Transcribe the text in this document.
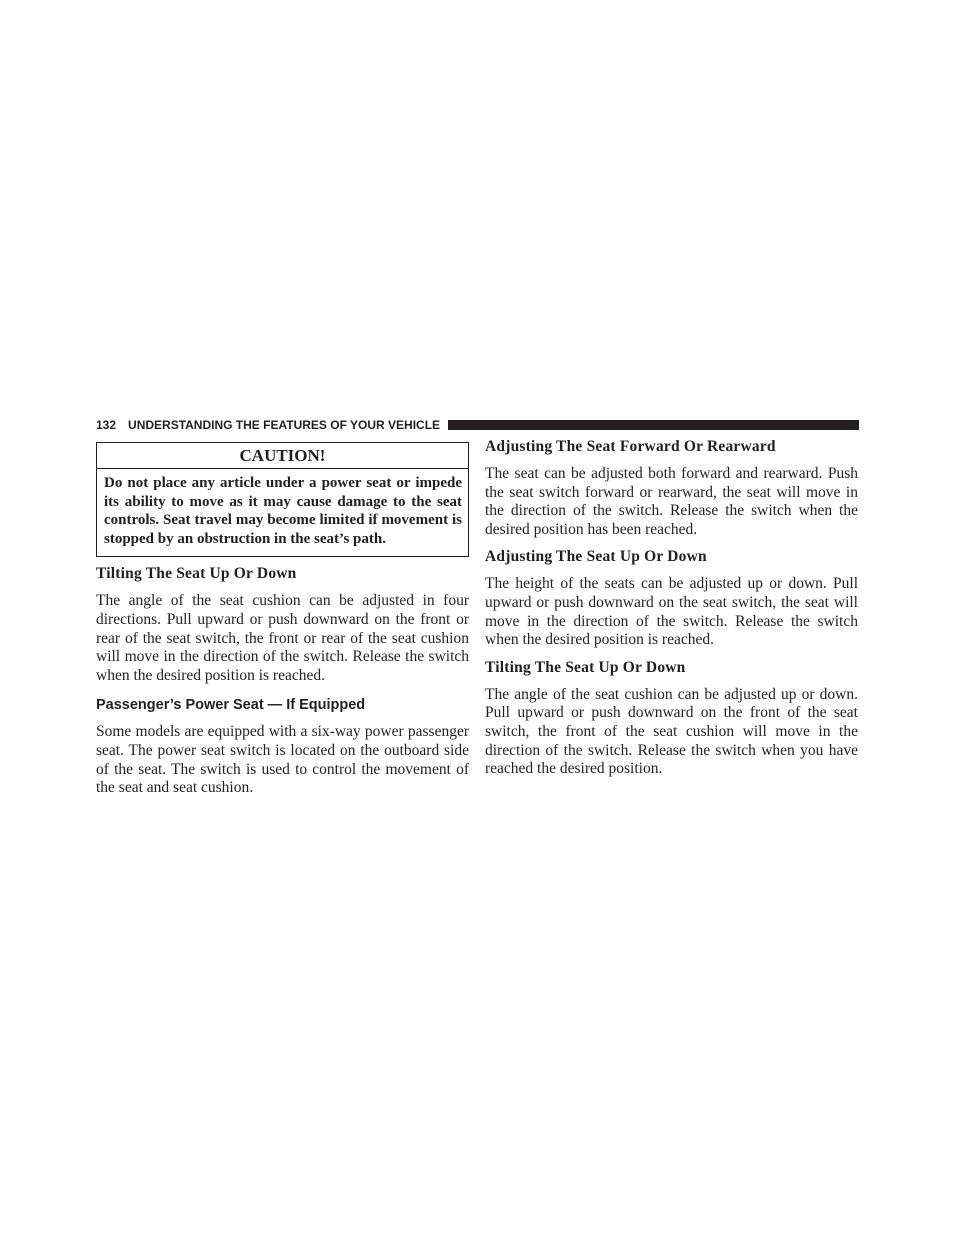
132 UNDERSTANDING THE FEATURES OF YOUR VEHICLE
CAUTION!
Do not place any article under a power seat or impede its ability to move as it may cause damage to the seat controls. Seat travel may become limited if movement is stopped by an obstruction in the seat’s path.
Tilting The Seat Up Or Down
The angle of the seat cushion can be adjusted in four directions. Pull upward or push downward on the front or rear of the seat switch, the front or rear of the seat cushion will move in the direction of the switch. Release the switch when the desired position is reached.
Passenger’s Power Seat — If Equipped
Some models are equipped with a six-way power passenger seat. The power seat switch is located on the outboard side of the seat. The switch is used to control the movement of the seat and seat cushion.
Adjusting The Seat Forward Or Rearward
The seat can be adjusted both forward and rearward. Push the seat switch forward or rearward, the seat will move in the direction of the switch. Release the switch when the desired position has been reached.
Adjusting The Seat Up Or Down
The height of the seats can be adjusted up or down. Pull upward or push downward on the seat switch, the seat will move in the direction of the switch. Release the switch when the desired position is reached.
Tilting The Seat Up Or Down
The angle of the seat cushion can be adjusted up or down. Pull upward or push downward on the front of the seat switch, the front of the seat cushion will move in the direction of the switch. Release the switch when you have reached the desired position.
